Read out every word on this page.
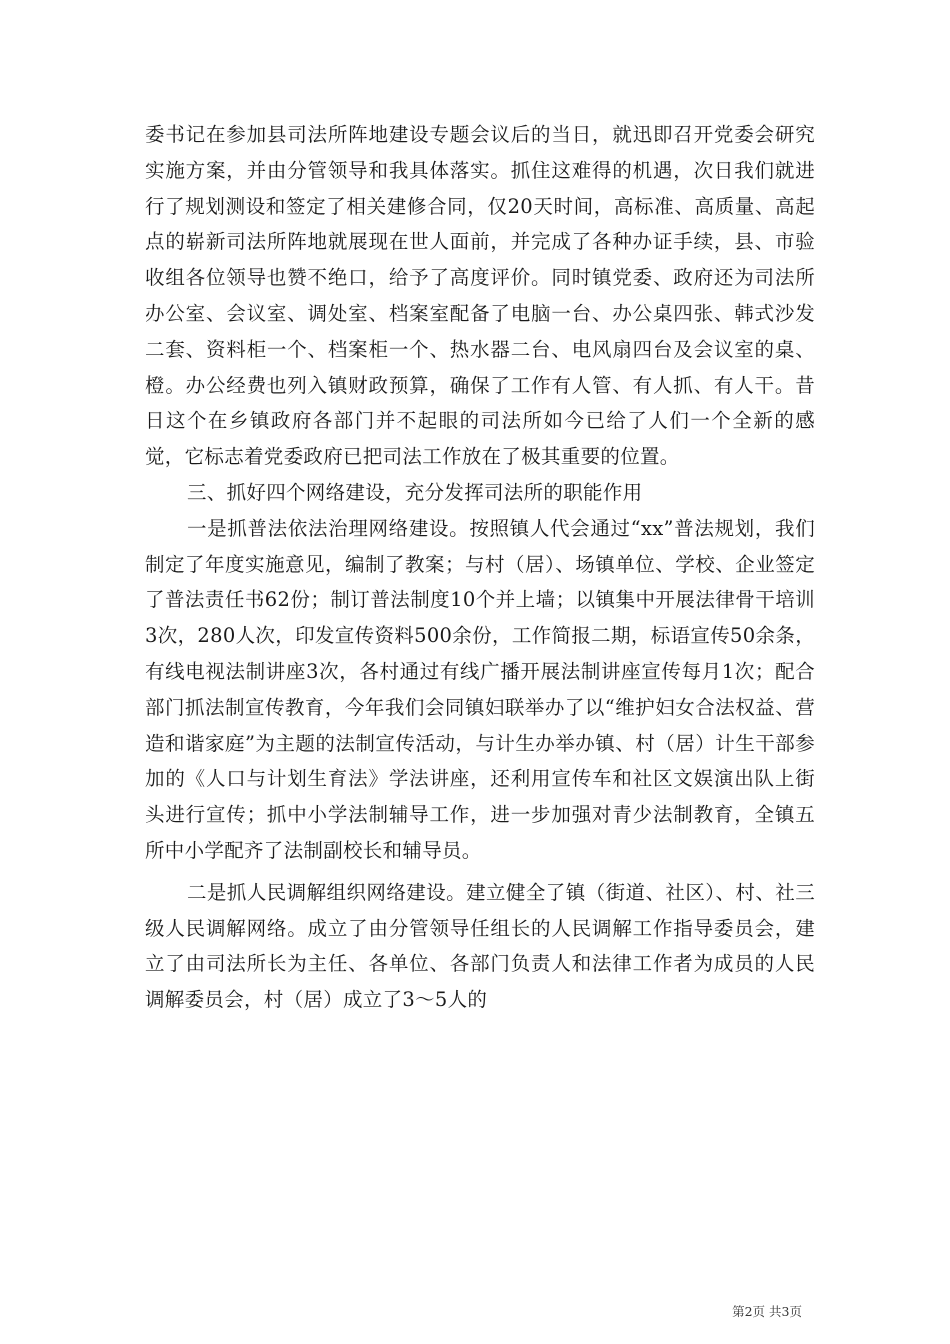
委书记在参加县司法所阵地建设专题会议后的当日，就迅即召开党委会研究实施方案，并由分管领导和我具体落实。抓住这难得的机遇，次日我们就进行了规划测设和签定了相关建修合同，仅20天时间，高标准、高质量、高起点的崭新司法所阵地就展现在世人面前，并完成了各种办证手续，县、市验收组各位领导也赞不绝口，给予了高度评价。同时镇党委、政府还为司法所办公室、会议室、调处室、档案室配备了电脑一台、办公桌四张、韩式沙发二套、资料柜一个、档案柜一个、热水器二台、电风扇四台及会议室的桌、橙。办公经费也列入镇财政预算，确保了工作有人管、有人抓、有人干。昔日这个在乡镇政府各部门并不起眼的司法所如今已给了人们一个全新的感觉，它标志着党委政府已把司法工作放在了极其重要的位置。

三、抓好四个网络建设，充分发挥司法所的职能作用

一是抓普法依法治理网络建设。按照镇人代会通过“xx”普法规划，我们制定了年度实施意见，编制了教案；与村（居）、场镇单位、学校、企业签定了普法责任书62份；制订普法制度10个并上墙；以镇集中开展法律骨干培训3次，280人次，印发宣传资料500余份，工作简报二期，标语宣传50余条，有线电视法制讲座3次，各村通过有线广播开展法制讲座宣传每月1次；配合部门抓法制宣传教育，今年我们会同镇妇联举办了以“维护妇女合法权益、营造和谐家庭”为主题的法制宣传活动，与计生办举办镇、村（居）计生干部参加的《人口与计划生育法》学法讲座，还利用宣传车和社区文娱演出队上街头进行宣传；抓中小学法制辅导工作，进一步加强对青少法制教育，全镇五所中小学配齐了法制副校长和辅导员。

二是抓人民调解组织网络建设。建立健全了镇（街道、社区）、村、社三级人民调解网络。成立了由分管领导任组长的人民调解工作指导委员会，建立了由司法所长为主任、各单位、各部门负责人和法律工作者为成员的人民调解委员会，村（居）成立了3～5人的

第2页 共3页
